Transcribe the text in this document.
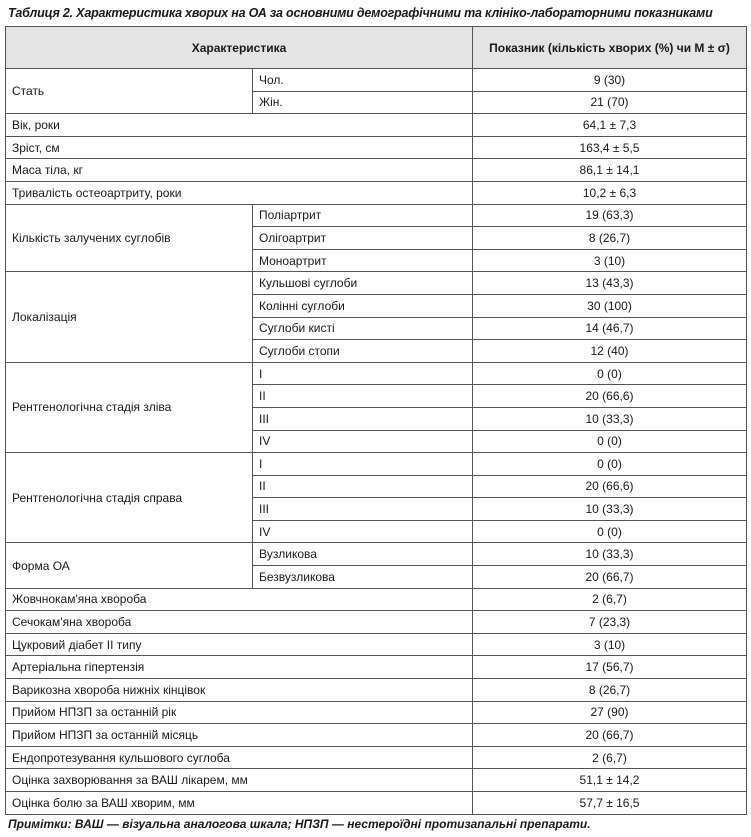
Таблиця 2. Характеристика хворих на ОА за основними демографічними та клініко-лабораторними показниками
Характеристика		Показник (кількість хворих (%) чи M ± σ)
Стать	Чол.	9 (30)
	Жін.	21 (70)
Вік, роки		64,1 ± 7,3
Зріст, см		163,4 ± 5,5
Маса тіла, кг		86,1 ± 14,1
Тривалість остеоартриту, роки		10,2 ± 6,3
Кількість залучених суглобів	Поліартрит	19 (63,3)
	Олігоартрит	8 (26,7)
	Моноартрит	3 (10)
Локалізація	Кульшові суглоби	13 (43,3)
	Колінні суглоби	30 (100)
	Суглоби кисті	14 (46,7)
	Суглоби стопи	12 (40)
Рентгенологічна стадія зліва	І	0 (0)
	ІІ	20 (66,6)
	ІІІ	10 (33,3)
	ІV	0 (0)
Рентгенологічна стадія справа	І	0 (0)
	ІІ	20 (66,6)
	ІІІ	10 (33,3)
	ІV	0 (0)
Форма ОА	Вузликова	10 (33,3)
	Безвузликова	20 (66,7)
Жовчнокам'яна хвороба		2 (6,7)
Сечокам'яна хвороба		7 (23,3)
Цукровий діабет ІІ типу		3 (10)
Артеріальна гіпертензія		17 (56,7)
Варикозна хвороба нижніх кінцівок		8 (26,7)
Прийом НПЗП за останній рік		27 (90)
Прийом НПЗП за останній місяць		20 (66,7)
Ендопротезування кульшового суглоба		2 (6,7)
Оцінка захворювання за ВАШ лікарем, мм		51,1 ± 14,2
Оцінка болю за ВАШ хворим, мм		57,7 ± 16,5
Примітки: ВАШ — візуальна аналогова шкала; НПЗП — нестероїдні протизапальні препарати.
